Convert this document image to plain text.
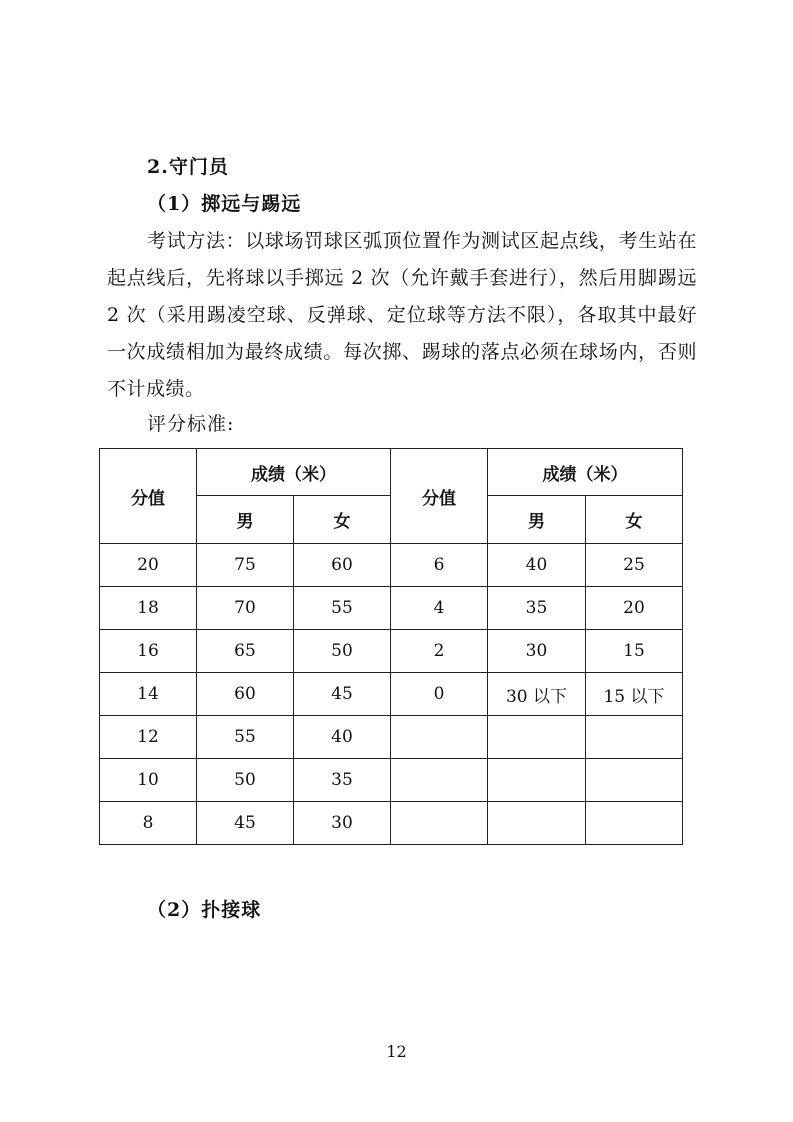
2.守门员
（1）掷远与踢远
考试方法：以球场罚球区弧顶位置作为测试区起点线，考生站在起点线后，先将球以手掷远 2 次（允许戴手套进行），然后用脚踢远 2 次（采用踢凌空球、反弹球、定位球等方法不限），各取其中最好一次成绩相加为最终成绩。每次掷、踢球的落点必须在球场内，否则不计成绩。
评分标准:
分值	成绩（米）		分值	成绩（米）	
	男	女		男	女
20	75	60	6	40	25
18	70	55	4	35	20
16	65	50	2	30	15
14	60	45	0	30 以下	15 以下
12	55	40			
10	50	35			
8	45	30			
（2）扑接球
12
